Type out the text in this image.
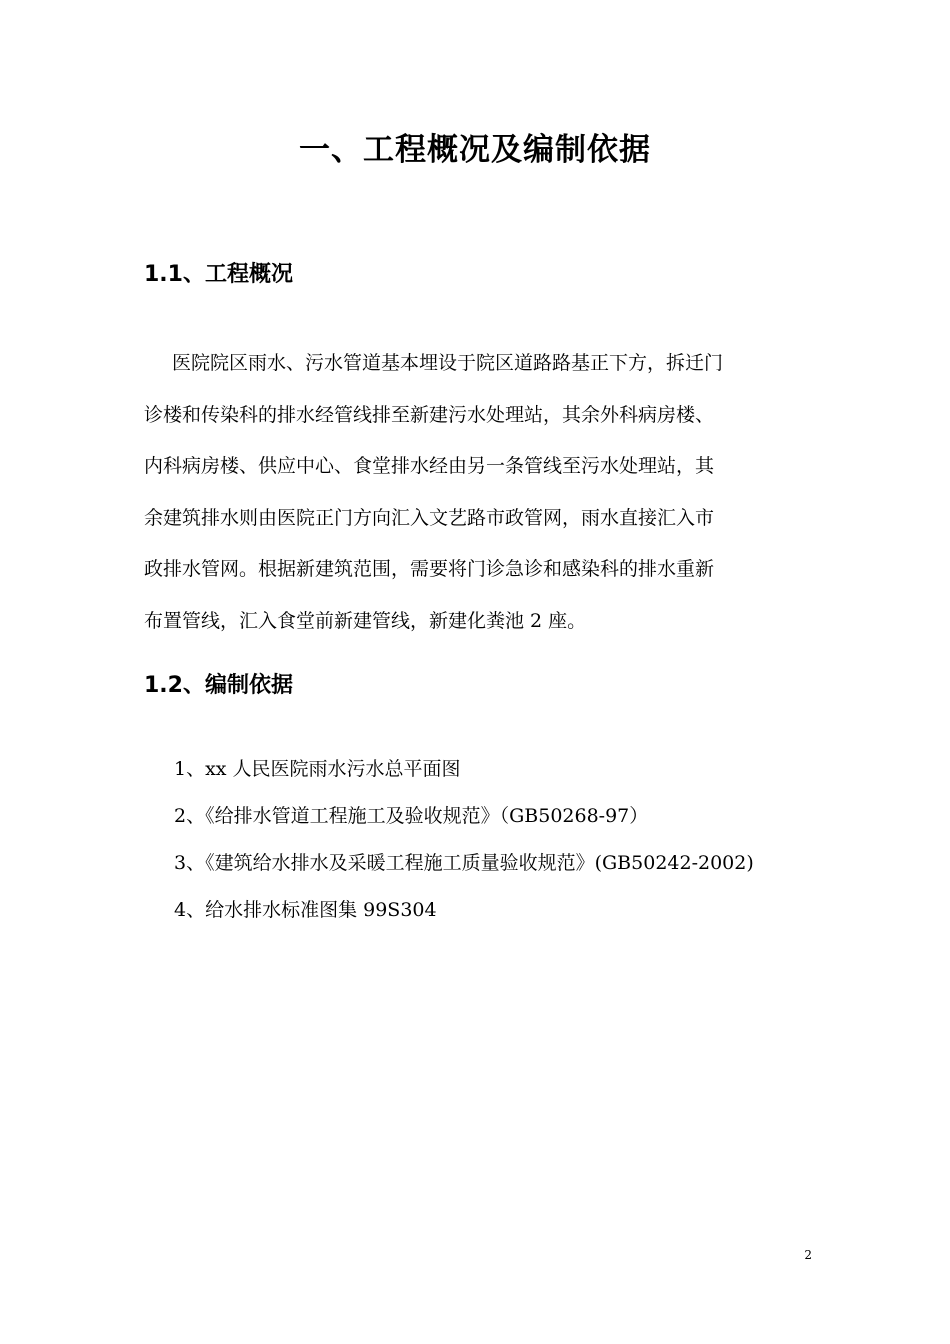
一、工程概况及编制依据
1.1、工程概况
医院院区雨水、污水管道基本埋设于院区道路路基正下方，拆迁门
诊楼和传染科的排水经管线排至新建污水处理站，其余外科病房楼、
内科病房楼、供应中心、食堂排水经由另一条管线至污水处理站，其
余建筑排水则由医院正门方向汇入文艺路市政管网，雨水直接汇入市
政排水管网。根据新建筑范围，需要将门诊急诊和感染科的排水重新
布置管线，汇入食堂前新建管线，新建化粪池 2 座。
1.2、编制依据
1、xx 人民医院雨水污水总平面图
2、《给排水管道工程施工及验收规范》（GB50268-97）
3、《建筑给水排水及采暖工程施工质量验收规范》(GB50242-2002)
4、给水排水标准图集 99S304
2
